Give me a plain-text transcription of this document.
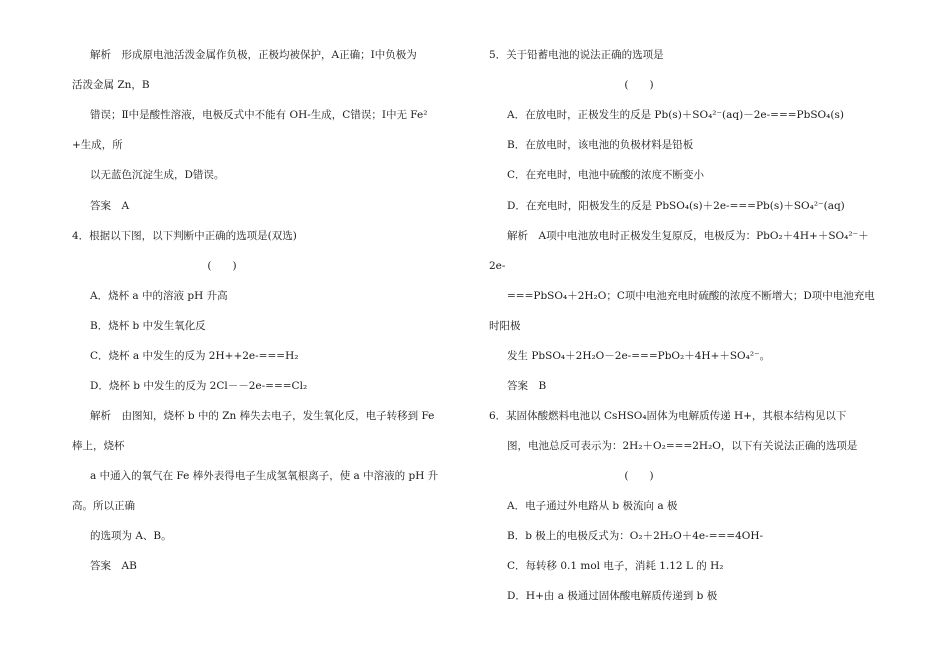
解析　形成原电池活泼金属作负极，正极均被保护，A正确；Ⅰ中负极为
活泼金属 Zn，B
错误；Ⅱ中是酸性溶液，电极反式中不能有 OH-生成，C错误；Ⅰ中无 Fe²
+生成，所
以无蓝色沉淀生成，D错误。
答案　A
4．根据以下图，以下判断中正确的选项是(双选)
(　　)
A．烧杯 a 中的溶液 pH 升高
B．烧杯 b 中发生氧化反
C．烧杯 a 中发生的反为 2H++2e-===H₂
D．烧杯 b 中发生的反为 2Cl－－2e-===Cl₂
解析　由图知，烧杯 b 中的 Zn 棒失去电子，发生氧化反，电子转移到 Fe
棒上，烧杯
a 中通入的氧气在 Fe 棒外表得电子生成氢氧根离子，使 a 中溶液的 pH 升
高。所以正确
的选项为 A、B。
答案　AB
5．关于铅蓄电池的说法正确的选项是
(　　)
A．在放电时，正极发生的反是 Pb(s)＋SO₄²⁻(aq)－2e-===PbSO₄(s)
B．在放电时，该电池的负极材料是铅板
C．在充电时，电池中硫酸的浓度不断变小
D．在充电时，阳极发生的反是 PbSO₄(s)＋2e-===Pb(s)＋SO₄²⁻(aq)
解析　A项中电池放电时正极发生复原反，电极反为：PbO₂＋4H+＋SO₄²⁻＋
2e-
===PbSO₄＋2H₂O；C项中电池充电时硫酸的浓度不断增大；D项中电池充电
时阳极
发生 PbSO₄＋2H₂O－2e-===PbO₂＋4H+＋SO₄²⁻。
答案　B
6．某固体酸燃料电池以 CsHSO₄固体为电解质传递 H+，其根本结构见以下
图，电池总反可表示为：2H₂＋O₂===2H₂O，以下有关说法正确的选项是
(　　)
A．电子通过外电路从 b 极流向 a 极
B．b 极上的电极反式为：O₂＋2H₂O＋4e-===4OH-
C．每转移 0.1 mol 电子，消耗 1.12 L 的 H₂
D．H+由 a 极通过固体酸电解质传递到 b 极
